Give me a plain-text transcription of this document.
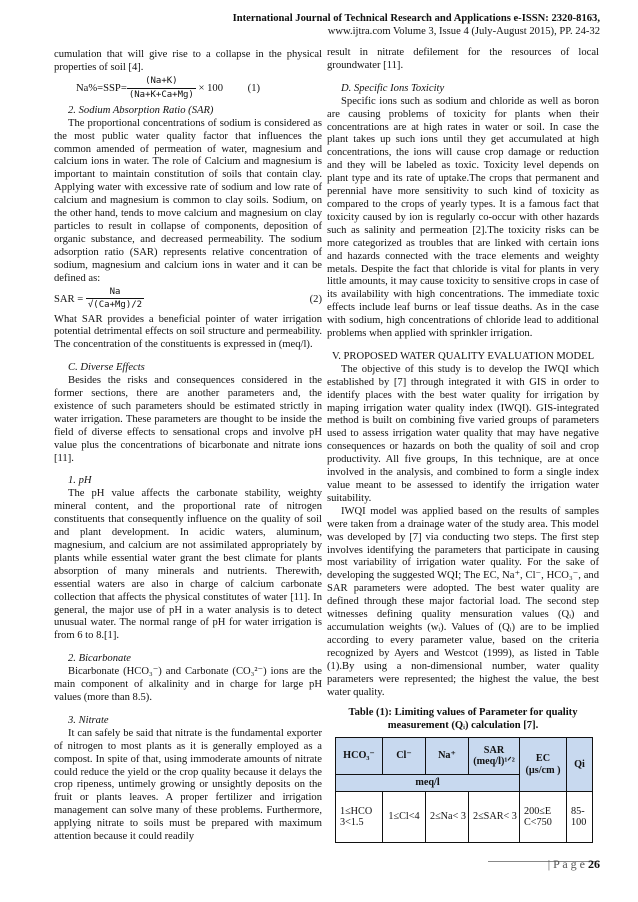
International Journal of Technical Research and Applications e-ISSN: 2320-8163,
www.ijtra.com Volume 3, Issue 4 (July-August 2015), PP. 24-32

cumulation that will give rise to a collapse in the physical properties of soil [4].

$Na\%=SSP= \frac{(Na+K)}{(Na+K+Ca+Mg)} \times 100$ (1)

2. Sodium Absorption Ratio (SAR)

The proportional concentrations of sodium is considered as the most public water quality factor that influences the common amended of permeation of water, magnesium and calcium ions in water. The role of Calcium and magnesium is important to maintain constitution of soils that contain clay. Applying water with excessive rate of sodium and low rate of calcium and magnesium is common to clay soils. Sodium, on the other hand, tends to move calcium and magnesium on clay particles to result in collapse of components, deposition of organic substance, and decreased permeability. The sodium adsorption ratio (SAR) represents relative concentration of sodium, magnesium and calcium ions in water and it can be defined as:

SAR = $\frac{Na}{√(Ca+Mg)/2}$	(2)

What SAR provides a beneficial pointer of water irrigation potential detrimental effects on soil structure and permeability. The concentration of the constituents is expressed in (meq/l).

C. Diverse Effects

Besides the risks and consequences considered in the former sections, there are another parameters and, the existence of such parameters should be estimated strictly in water irrigation. These parameters are thought to be inside the field of diverse effects to sensational crops and involve pH value plus the concentrations of bicarbonate and nitrate ions [11].

1. pH

The pH value affects the carbonate stability, weighty mineral content, and the proportional rate of nitrogen constituents that consequently influence on the quality of soil and plant development. In acidic waters, aluminum, magnesium, and calcium are not assimilated appropriately by plants while essential water grant the best climate for plants absorption of many minerals and nutrients. Therewith, essential waters are also in charge of calcium carbonate collection that affects the physical constitutes of water [11]. In general, the major use of pH in a water analysis is to detect unusual water. The normal range of pH for water irrigation is from 6 to 8.[1].

2. Bicarbonate

Bicarbonate (HCO₃⁻) and Carbonate (CO₃²⁻) ions are the main component of alkalinity and in charge for large pH values (more than 8.5).

3. Nitrate

It can safely be said that nitrate is the fundamental exporter of nitrogen to most plants as it is generally employed as a compost. In spite of that, using immoderate amounts of nitrate could reduce the yield or the crop quality because it delays the crop ripeness, untimely growing or unsightly deposits on the fruit or plants leaves. A proper fertilizer and irrigation management can solve many of these problems. Furthermore, applying nitrate to soils must be prepared with maximum attention because it could readily

result in nitrate defilement for the resources of local groundwater [11].

D. Specific Ions Toxicity

Specific ions such as sodium and chloride as well as boron are causing problems of toxicity for plants when their concentrations are at high rates in water or soil. In case the plant takes up such ions until they get accumulated at high concentrations, the ions will cause crop damage or reduction and they will be labeled as toxic. Toxicity level depends on plant type and its rate of uptake.The crops that permanent and perennial have more sensitivity to such kind of toxicity as compared to the crops of yearly types. It is a famous fact that toxicity caused by ion is regularly co-occur with other hazards such as salinity and permeation [2].The toxicity risks can be more categorized as troubles that are linked with certain ions and hazards connected with the trace elements and weighty metals. Despite the fact that chloride is vital for plants in very little amounts, it may cause toxicity to sensitive crops in case of its availability with high concentrations. The immediate toxic effects include leaf burns or leaf tissue deaths. As in the case with sodium, high concentrations of chloride lead to additional problems when applied with sprinkler irrigation.

V. PROPOSED WATER QUALITY EVALUATION MODEL

The objective of this study is to develop the IWQI which established by [7] through integrated it with GIS in order to identify places with the best water quality for irrigation by maping irrigation water quality index (IWQI). GIS-integrated method is built on combining five varied groups of parameters used to assess irrigation water quality that may have negative consequences or hazards on both the quality of soil and crop productivity. All five groups, In this technique, are at once involved in the analysis, and combined to form a single index value meant to be assessed to identify the irrigation water suitability.

IWQI model was applied based on the results of samples were taken from a drainage water of the study area. This model was developed by [7] via conducting two steps. The first step involves identifying the parameters that participate in causing most variability of irrigation water quality. For the sake of developing the suggested WQI; The EC, Na⁺, Cl⁻, HCO₃⁻, and SAR parameters were adopted. The best water quality are defined through these major factorial load. The second step witnesses defining quality mensuration values (Qᵢ) and accumulation weights (wᵢ). Values of (Qᵢ) are to be implied according to every parameter value, based on the criteria recognized by Ayers and Westcot (1999), as listed in Table (1).By using a non-dimensional number, water quality parameters were represented; the highest the value, the best water quality.

Table (1): Limiting values of Parameter for quality measurement (Qᵢ) calculation [7].

HCO₃⁻	Cl⁻	Na⁺	SAR (meq/l)¹ᐟ²	EC (µs/cm )	Qi
meq/l					
1≤HCO 3<1.5	1≤Cl<4	2≤Na< 3	2≤SAR< 3	200≤E C<750	85- 100
| P a g e 26
